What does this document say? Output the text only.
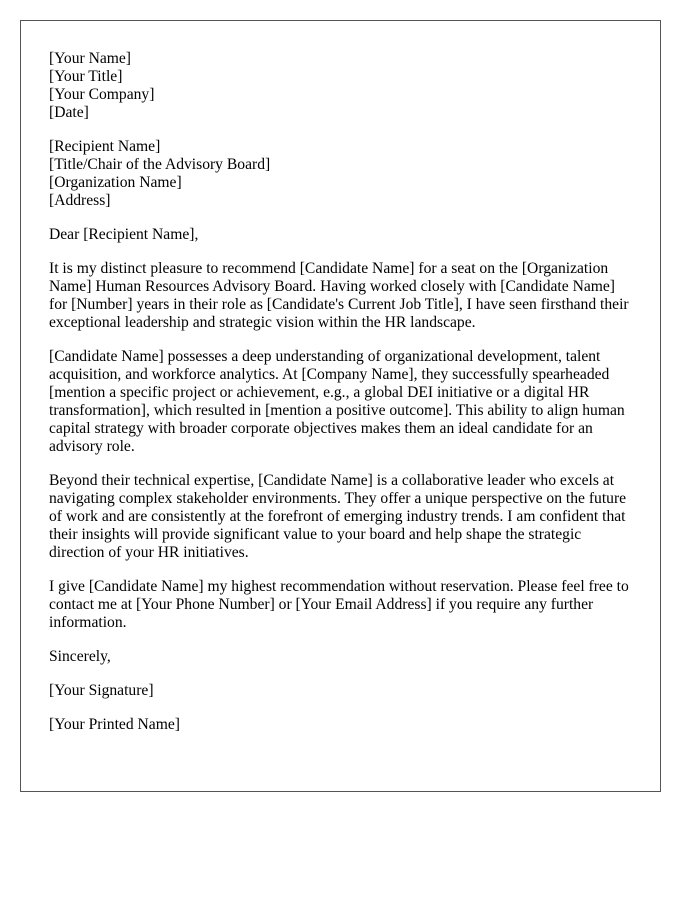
[Your Name]
[Your Title]
[Your Company]
[Date]
[Recipient Name]
[Title/Chair of the Advisory Board]
[Organization Name]
[Address]

Dear [Recipient Name],

It is my distinct pleasure to recommend [Candidate Name] for a seat on the [Organization Name] Human Resources Advisory Board. Having worked closely with [Candidate Name] for [Number] years in their role as [Candidate's Current Job Title], I have seen firsthand their exceptional leadership and strategic vision within the HR landscape.

[Candidate Name] possesses a deep understanding of organizational development, talent acquisition, and workforce analytics. At [Company Name], they successfully spearheaded [mention a specific project or achievement, e.g., a global DEI initiative or a digital HR transformation], which resulted in [mention a positive outcome]. This ability to align human capital strategy with broader corporate objectives makes them an ideal candidate for an advisory role.

Beyond their technical expertise, [Candidate Name] is a collaborative leader who excels at navigating complex stakeholder environments. They offer a unique perspective on the future of work and are consistently at the forefront of emerging industry trends. I am confident that their insights will provide significant value to your board and help shape the strategic direction of your HR initiatives.

I give [Candidate Name] my highest recommendation without reservation. Please feel free to contact me at [Your Phone Number] or [Your Email Address] if you require any further information.

Sincerely,

[Your Signature]

[Your Printed Name]
